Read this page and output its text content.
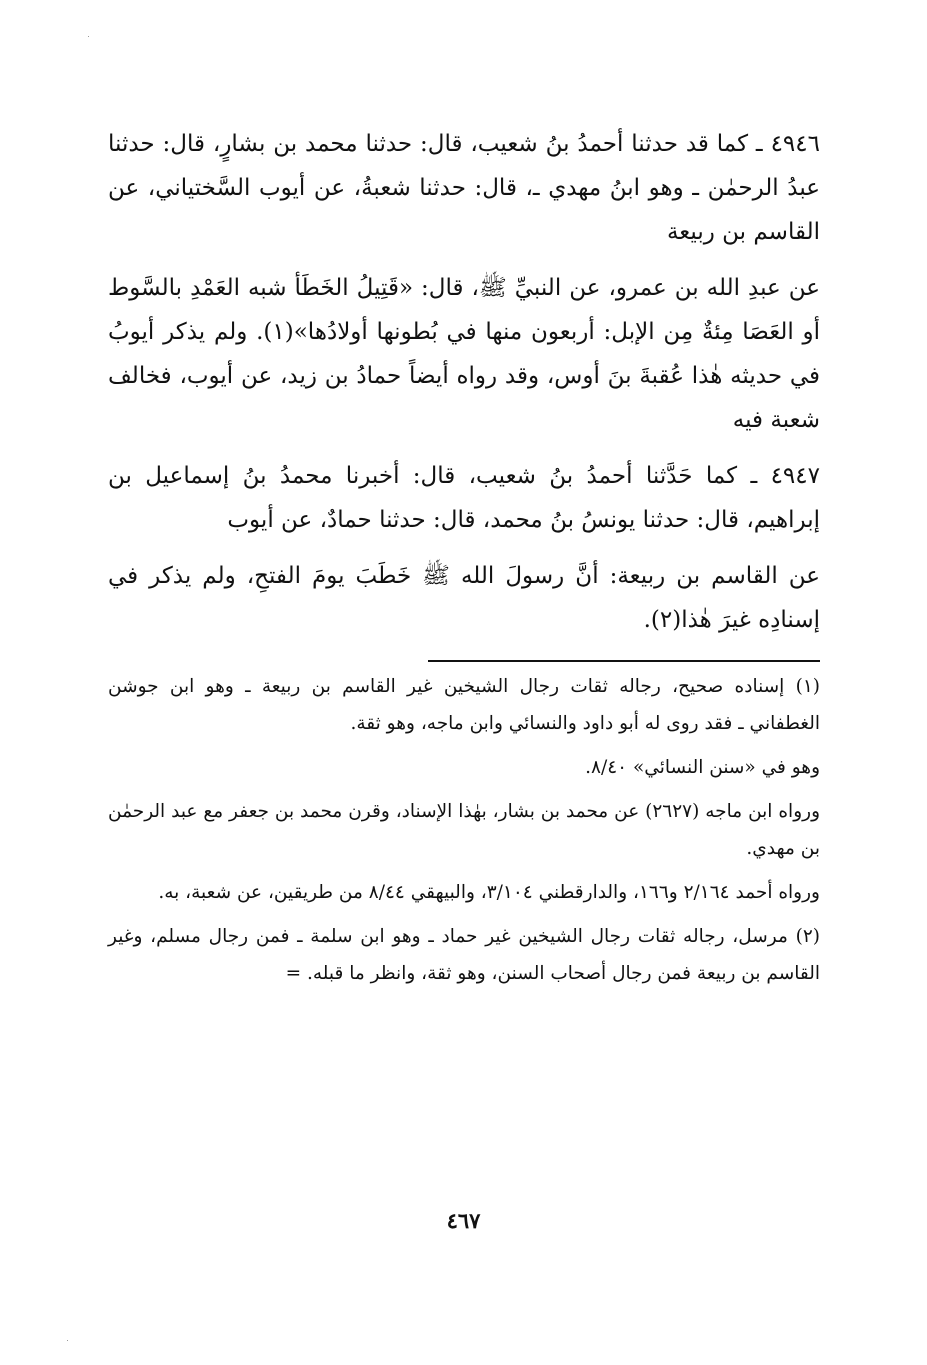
٤٩٤٦ ـ كما قد حدثنا أحمدُ بنُ شعيب، قال: حدثنا محمد بن بشارٍ، قال: حدثنا عبدُ الرحمٰن ـ وهو ابنُ مهدي ـ، قال: حدثنا شعبةُ، عن أيوب السَّختياني، عن القاسم بن ربيعة

عن عبدِ الله بن عمرو، عن النبيِّ ﷺ، قال: «قَتِيلُ الخَطَأ شبه العَمْدِ بالسَّوط أو العَصَا مِئةٌ مِن الإبل: أربعون منها في بُطونها أولادُها»(١). ولم يذكر أيوبُ في حديثه هٰذا عُقبةَ بنَ أوس، وقد رواه أيضاً حمادُ بن زيد، عن أيوب، فخالف شعبة فيه

٤٩٤٧ ـ كما حَدَّثنا أحمدُ بنُ شعيب، قال: أخبرنا محمدُ بنُ إسماعيل بن إبراهيم، قال: حدثنا يونسُ بنُ محمد، قال: حدثنا حمادٌ، عن أيوب

عن القاسم بن ربيعة: أنَّ رسولَ الله ﷺ خَطَبَ يومَ الفتحِ، ولم يذكر في إسنادِه غيرَ هٰذا(٢).

(١) إسناده صحيح، رجاله ثقات رجال الشيخين غير القاسم بن ربيعة ـ وهو ابن جوشن الغطفاني ـ فقد روى له أبو داود والنسائي وابن ماجه، وهو ثقة.

وهو في «سنن النسائي» ٨/٤٠.

ورواه ابن ماجه (٢٦٢٧) عن محمد بن بشار، بهٰذا الإسناد، وقرن محمد بن جعفر مع عبد الرحمٰن بن مهدي.

ورواه أحمد ٢/١٦٤ و١٦٦، والدارقطني ٣/١٠٤، والبيهقي ٨/٤٤ من طريقين، عن شعبة، به.

(٢) مرسل، رجاله ثقات رجال الشيخين غير حماد ـ وهو ابن سلمة ـ فمن رجال مسلم، وغير القاسم بن ربيعة فمن رجال أصحاب السنن، وهو ثقة، وانظر ما قبله. =

٤٦٧
